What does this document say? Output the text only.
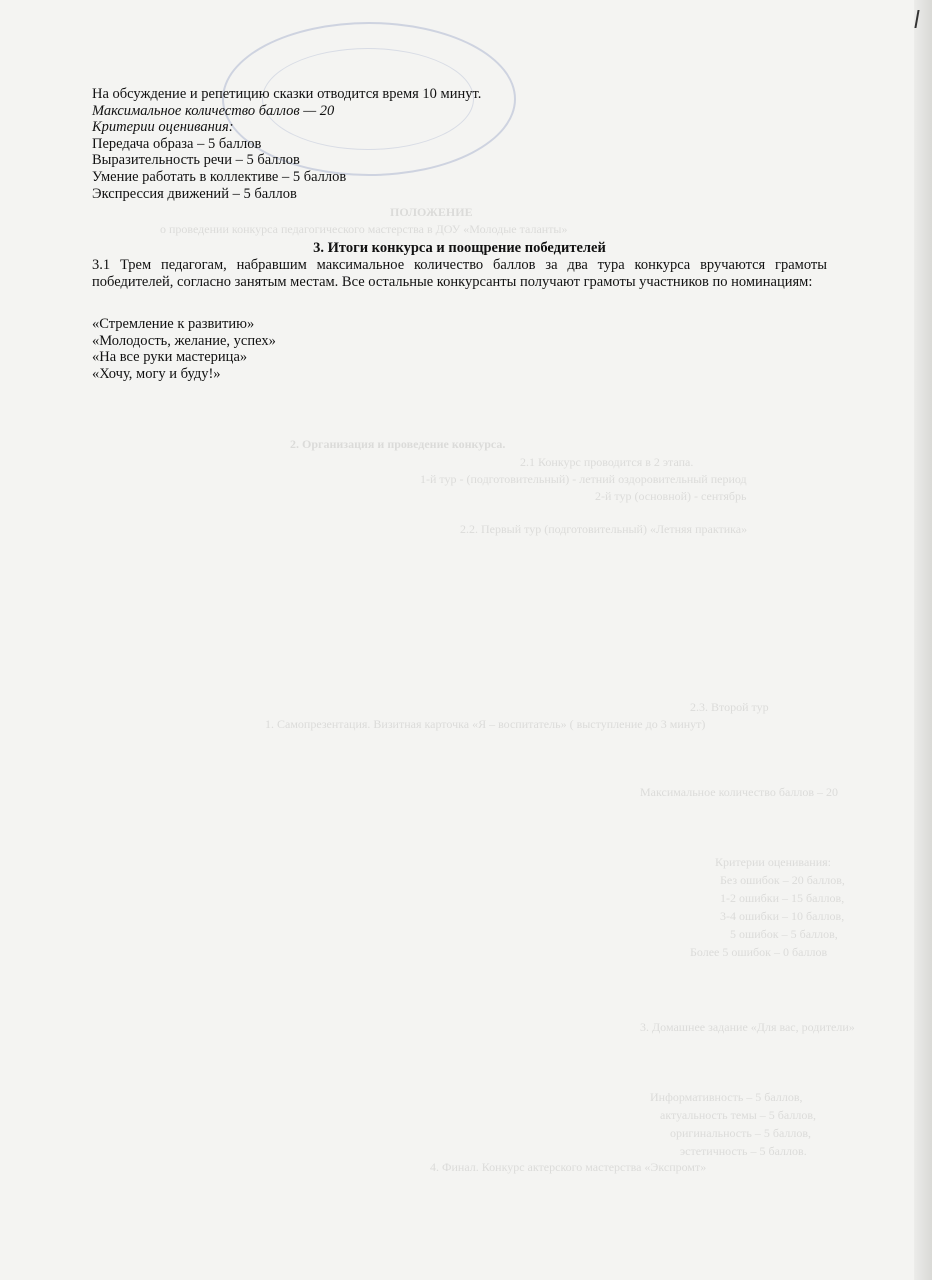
ПОЛОЖЕНИЕ
о проведении конкурса педагогического мастерства в ДОУ «Молодые таланты»
2. Организация и проведение конкурса.
2.1 Конкурс проводится в 2 этапа.
1-й тур - (подготовительный) - летний оздоровительный период
2-й тур (основной) - сентябрь
2.2. Первый тур (подготовительный) «Летняя практика»
2.3. Второй тур
1. Самопрезентация. Визитная карточка «Я – воспитатель» ( выступление до 3 минут)
Максимальное количество баллов – 20
Критерии оценивания:
Без ошибок – 20 баллов,
1-2 ошибки – 15 баллов,
3-4 ошибки – 10 баллов,
5 ошибок – 5 баллов,
Более 5 ошибок – 0 баллов
3. Домашнее задание «Для вас, родители»
Информативность – 5 баллов,
актуальность темы – 5 баллов,
оригинальность – 5 баллов,
эстетичность – 5 баллов.
4. Финал. Конкурс актерского мастерства «Экспромт»
На обсуждение и репетицию сказки отводится время 10 минут.
Максимальное количество баллов — 20
Критерии оценивания:
Передача образа – 5 баллов
Выразительность речи – 5 баллов
Умение работать в коллективе – 5 баллов
Экспрессия движений – 5 баллов
3. Итоги конкурса и поощрение победителей
3.1 Трем педагогам, набравшим максимальное количество баллов за два тура конкурса вручаются грамоты победителей, согласно занятым местам. Все остальные конкурсанты получают грамоты участников по номинациям:
«Стремление к развитию»
«Молодость, желание, успех»
«На все руки мастерица»
«Хочу, могу и буду!»
